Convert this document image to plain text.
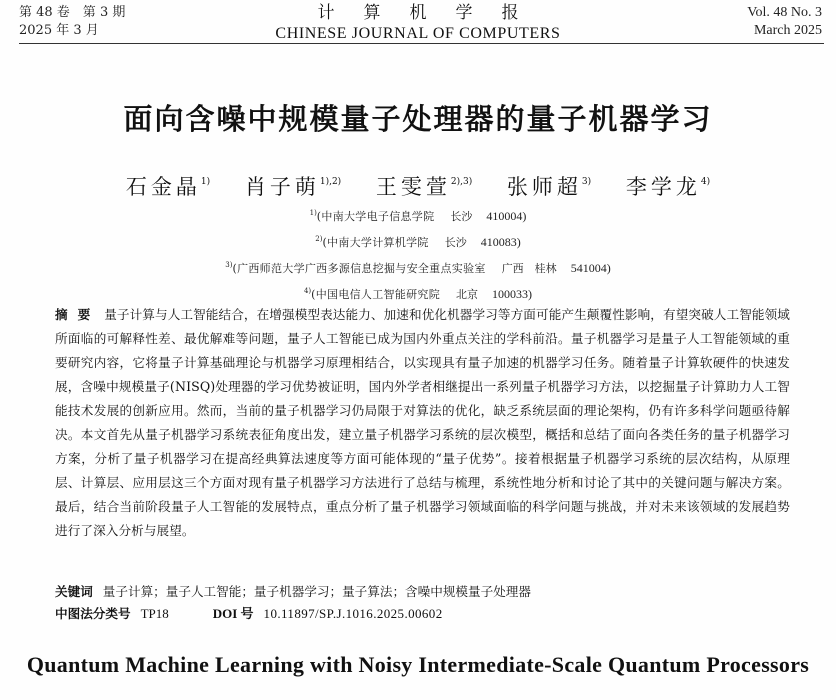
第 48 卷　第 3 期
2025 年 3 月
计算机学报
CHINESE JOURNAL OF COMPUTERS
Vol. 48 No. 3
March 2025
面向含噪中规模量子处理器的量子机器学习
石金晶$^{1)}$ 肖子萌$^{1),2)}$ 王雯萱$^{2),3)}$ 张师超$^{3)}$ 李学龙$^{4)}$
$^{1)}$(中南大学电子信息学院 长沙 410004)
$^{2)}$(中南大学计算机学院 长沙 410083)
$^{3)}$(广西师范大学广西多源信息挖掘与安全重点实验室 广西　桂林 541004)
$^{4)}$(中国电信人工智能研究院 北京 100033)
摘要 量子计算与人工智能结合，在增强模型表达能力、加速和优化机器学习等方面可能产生颠覆性影响，有望突破人工智能领域所面临的可解释性差、最优解难等问题，量子人工智能已成为国内外重点关注的学科前沿。量子机器学习是量子人工智能领域的重要研究内容，它将量子计算基础理论与机器学习原理相结合，以实现具有量子加速的机器学习任务。随着量子计算软硬件的快速发展，含噪中规模量子(NISQ)处理器的学习优势被证明，国内外学者相继提出一系列量子机器学习方法，以挖掘量子计算助力人工智能技术发展的创新应用。然而，当前的量子机器学习仍局限于对算法的优化，缺乏系统层面的理论架构，仍有许多科学问题亟待解决。本文首先从量子机器学习系统表征角度出发，建立量子机器学习系统的层次模型，概括和总结了面向各类任务的量子机器学习方案，分析了量子机器学习在提高经典算法速度等方面可能体现的“量子优势”。接着根据量子机器学习系统的层次结构，从原理层、计算层、应用层这三个方面对现有量子机器学习方法进行了总结与梳理，系统性地分析和讨论了其中的关键问题与解决方案。最后，结合当前阶段量子人工智能的发展特点，重点分析了量子机器学习领域面临的科学问题与挑战，并对未来该领域的发展趋势进行了深入分析与展望。
关键词 量子计算；量子人工智能；量子机器学习；量子算法；含噪中规模量子处理器
中图法分类号 TP18	DOI 号 10.11897/SP.J.1016.2025.00602
Quantum Machine Learning with Noisy Intermediate-Scale Quantum Processors
